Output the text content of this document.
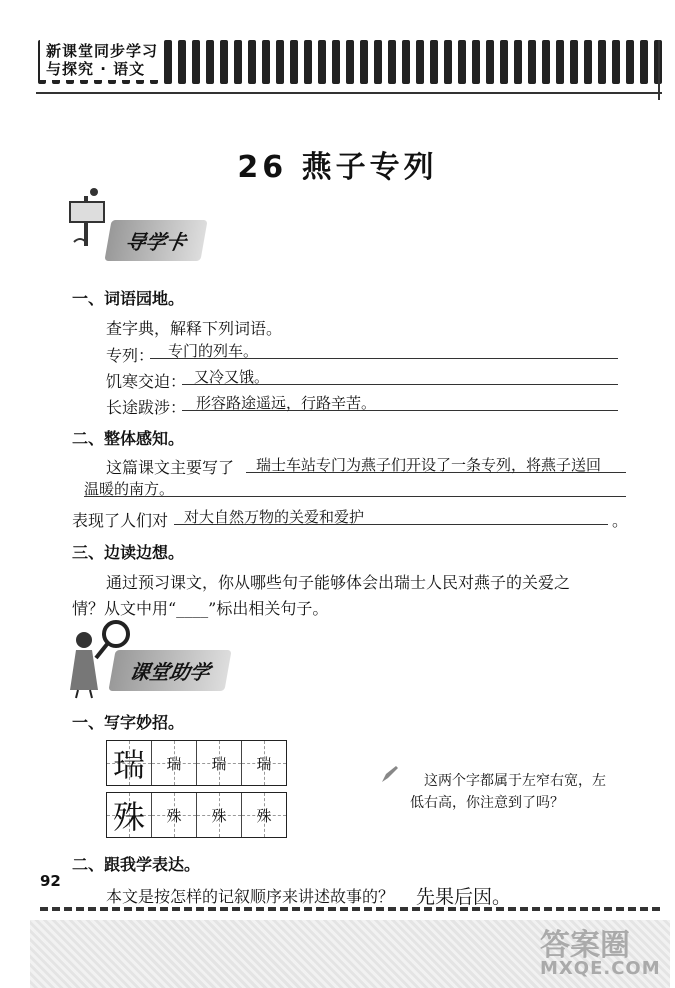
新课堂同步学习
与探究 · 语文
26 燕子专列
导学卡
一、词语园地。
查字典，解释下列词语。
专列： 专门的列车。
饥寒交迫： 又冷又饿。
长途跋涉： 形容路途遥远，行路辛苦。
二、整体感知。
这篇课文主要写了	瑞士车站专门为燕子们开设了一条专列，将燕子送回
温暖的南方。
表现了人们对	对大自然万物的关爱和爱护	。
三、边读边想。
通过预习课文，你从哪些句子能够体会出瑞士人民对燕子的关爱之
情？从文中用“____”标出相关句子。
课堂助学
一、写字妙招。
瑞 瑞 瑞 瑞
殊 殊 殊 殊
这两个字都属于左窄右宽，左
低右高，你注意到了吗？
二、跟我学表达。
92
本文是按怎样的记叙顺序来讲述故事的？ 先果后因。
答案圈
MXQE.COM
